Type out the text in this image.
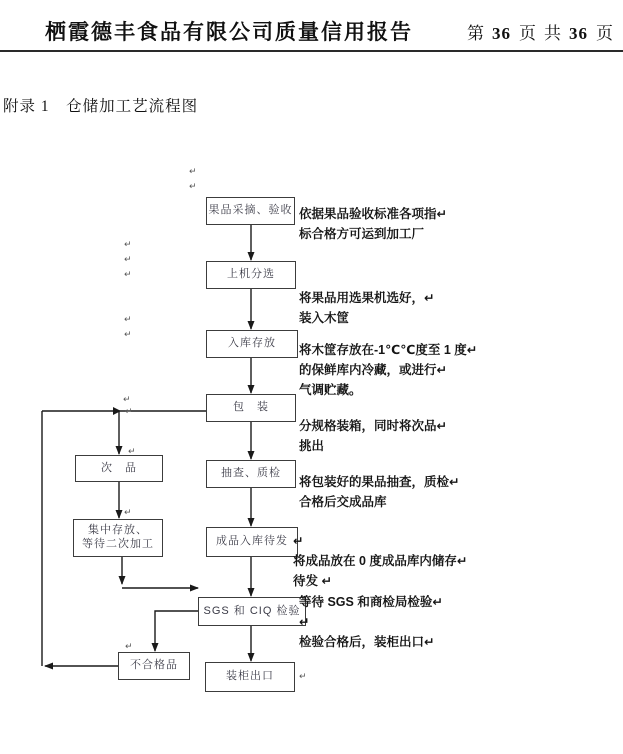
栖霞德丰食品有限公司质量信用报告	第 36 页 共 36 页
附录 1　仓储加工艺流程图
果品采摘、验收
上机分选
入库存放
包　装
抽查、质检
成品入库待发
SGS 和 CIQ 检验
装柜出口
次　品
集中存放、
等待二次加工
不合格品
依据果品验收标准各项指↵
标合格方可运到加工厂
将果品用选果机选好，↵
装入木筐
将木筐存放在-1℃℃度至 1 度↵
的保鲜库内冷藏，或进行↵
气调贮藏。
分规格装箱，同时将次品↵
挑出
将包装好的果品抽查，质检↵
合格后交成品库
↵
将成品放在 0 度成品库内储存↵
待发 ↵
等待 SGS 和商检局检验↵
↵
检验合格后，装柜出口↵
↵
↵
↵
↵
↵
↵
↵
↵
↵
↵
↵
↵
↵
